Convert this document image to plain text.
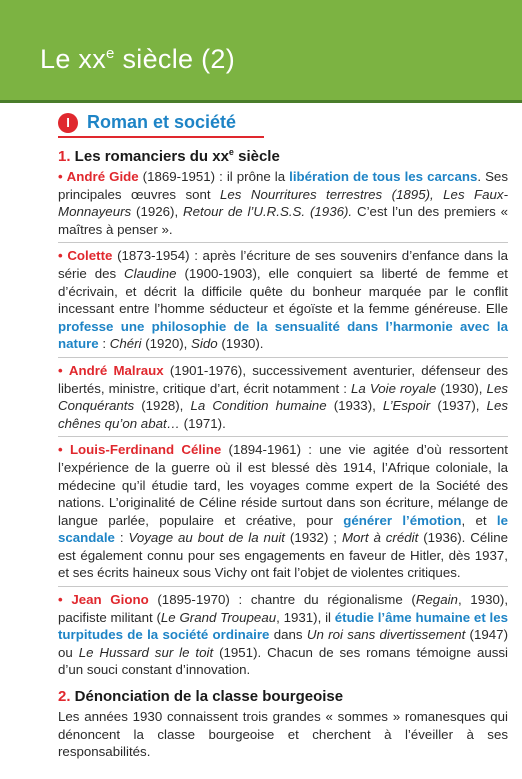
Le $xx^e$ siècle (2)
I Roman et société
1. Les romanciers du $xx^e$ siècle

• André Gide (1869-1951) : il prône la libération de tous les carcans. Ses principales œuvres sont Les Nourritures terrestres (1895), Les Faux-Monnayeurs (1926), Retour de l’U.R.S.S. (1936). C’est l’un des premiers « maîtres à penser ».

• Colette (1873-1954) : après l’écriture de ses souvenirs d’enfance dans la série des Claudine (1900-1903), elle conquiert sa liberté de femme et d’écrivain, et décrit la difficile quête du bonheur marquée par le conflit incessant entre l’homme séducteur et égoïste et la femme généreuse. Elle professe une philosophie de la sensualité dans l’harmonie avec la nature : Chéri (1920), Sido (1930).

• André Malraux (1901-1976), successivement aventurier, défenseur des libertés, ministre, critique d’art, écrit notamment : La Voie royale (1930), Les Conquérants (1928), La Condition humaine (1933), L’Espoir (1937), Les chênes qu’on abat… (1971).

• Louis-Ferdinand Céline (1894-1961) : une vie agitée d’où ressortent l’expérience de la guerre où il est blessé dès 1914, l’Afrique coloniale, la médecine qu’il étudie tard, les voyages comme expert de la Société des nations. L’originalité de Céline réside surtout dans son écriture, mélange de langue parlée, populaire et créative, pour générer l’émotion, et le scandale : Voyage au bout de la nuit (1932) ; Mort à crédit (1936). Céline est également connu pour ses engagements en faveur de Hitler, dès 1937, et ses écrits haineux sous Vichy ont fait l’objet de violentes critiques.

• Jean Giono (1895-1970) : chantre du régionalisme (Regain, 1930), pacifiste militant (Le Grand Troupeau, 1931), il étudie l’âme humaine et les turpitudes de la société ordinaire dans Un roi sans divertissement (1947) ou Le Hussard sur le toit (1951). Chacun de ses romans témoigne aussi d’un souci constant d’innovation.

2. Dénonciation de la classe bourgeoise

Les années 1930 connaissent trois grandes « sommes » romanesques qui dénoncent la classe bourgeoise et cherchent à l’éveiller à ses responsabilités.
